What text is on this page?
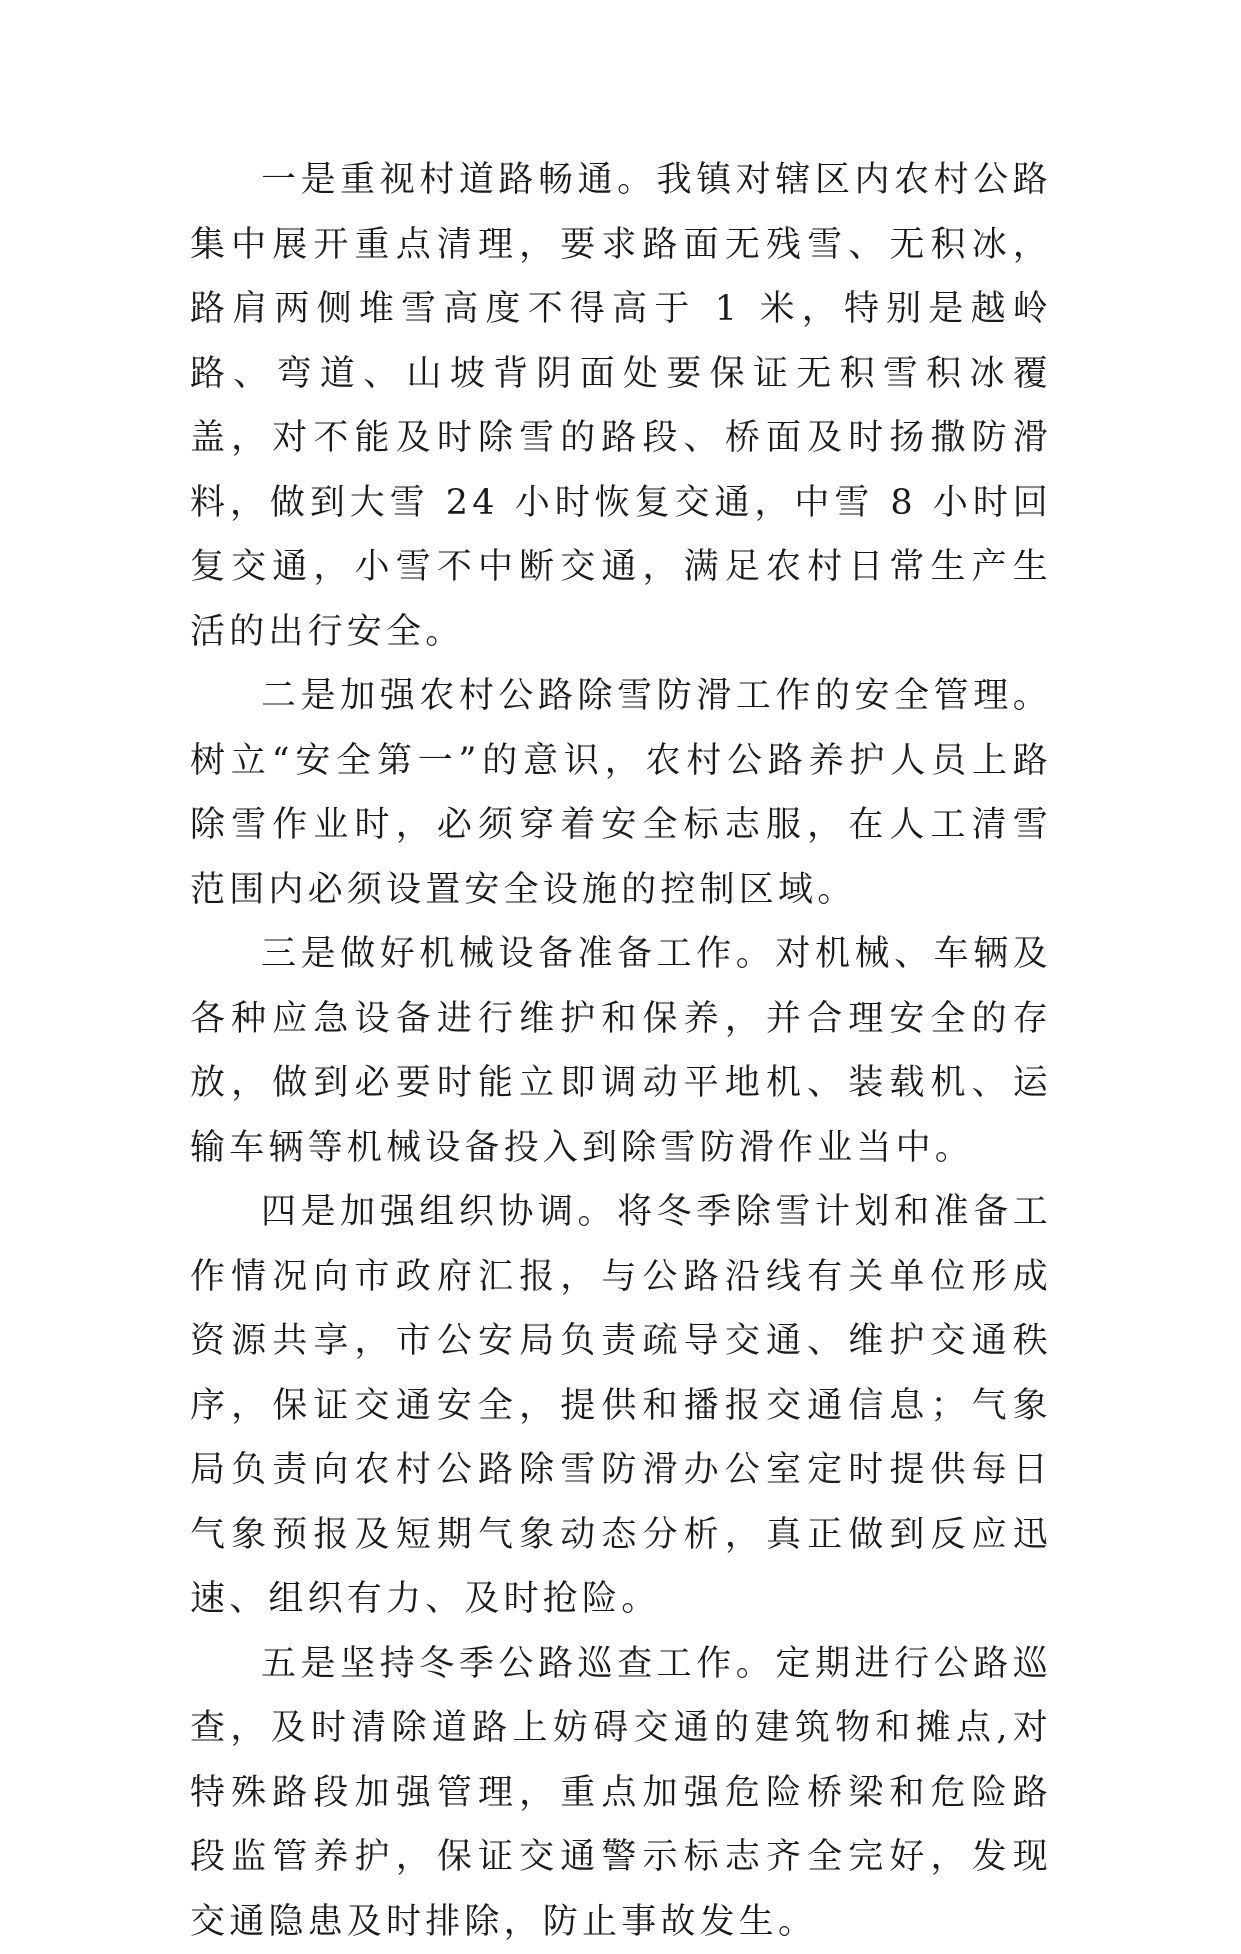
一是重视村道路畅通。我镇对辖区内农村公路集中展开重点清理，要求路面无残雪、无积冰，路肩两侧堆雪高度不得高于 1 米，特别是越岭路、弯道、山坡背阴面处要保证无积雪积冰覆盖，对不能及时除雪的路段、桥面及时扬撒防滑料，做到大雪 24 小时恢复交通，中雪 8 小时回复交通，小雪不中断交通，满足农村日常生产生活的出行安全。

二是加强农村公路除雪防滑工作的安全管理。树立“安全第一”的意识，农村公路养护人员上路除雪作业时，必须穿着安全标志服，在人工清雪范围内必须设置安全设施的控制区域。

三是做好机械设备准备工作。对机械、车辆及各种应急设备进行维护和保养，并合理安全的存放，做到必要时能立即调动平地机、装载机、运输车辆等机械设备投入到除雪防滑作业当中。

四是加强组织协调。将冬季除雪计划和准备工作情况向市政府汇报，与公路沿线有关单位形成资源共享，市公安局负责疏导交通、维护交通秩序，保证交通安全，提供和播报交通信息；气象局负责向农村公路除雪防滑办公室定时提供每日气象预报及短期气象动态分析，真正做到反应迅速、组织有力、及时抢险。

五是坚持冬季公路巡查工作。定期进行公路巡查，及时清除道路上妨碍交通的建筑物和摊点,对特殊路段加强管理，重点加强危险桥梁和危险路段监管养护，保证交通警示标志齐全完好，发现交通隐患及时排除，防止事故发生。
